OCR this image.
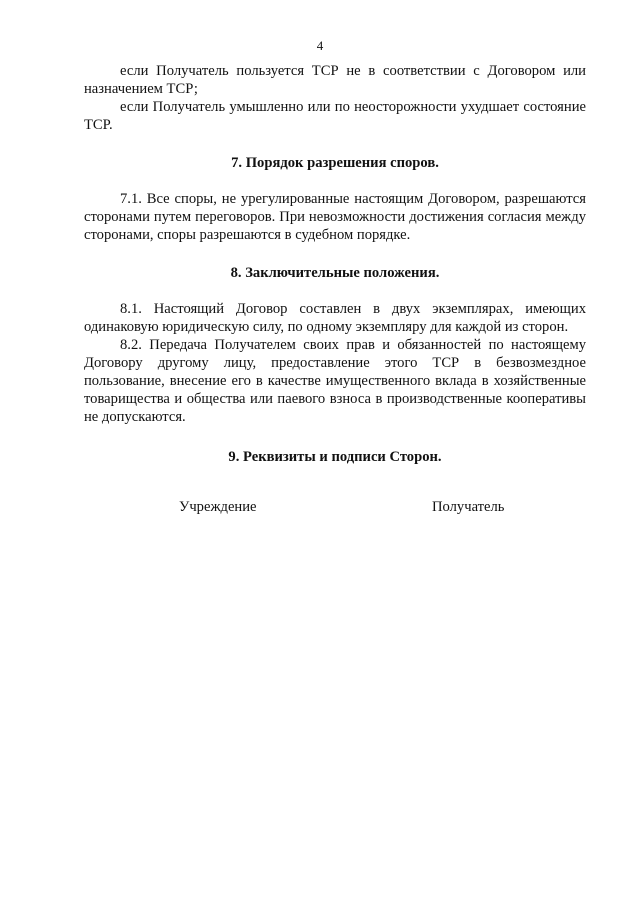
4

если Получатель пользуется ТСР не в соответствии с Договором или назначением ТСР;

если Получатель умышленно или по неосторожности ухудшает состояние ТСР.

7. Порядок разрешения споров.

7.1. Все споры, не урегулированные настоящим Договором, разрешаются сторонами путем переговоров. При невозможности достижения согласия между сторонами, споры разрешаются в судебном порядке.

8. Заключительные положения.

8.1. Настоящий Договор составлен в двух экземплярах, имеющих одинаковую юридическую силу, по одному экземпляру для каждой из сторон.

8.2. Передача Получателем своих прав и обязанностей по настоящему Договору другому лицу, предоставление этого ТСР в безвозмездное пользование, внесение его в качестве имущественного вклада в хозяйственные товарищества и общества или паевого взноса в производственные кооперативы не допускаются.

9. Реквизиты и подписи Сторон.

Учреждение	Получатель
